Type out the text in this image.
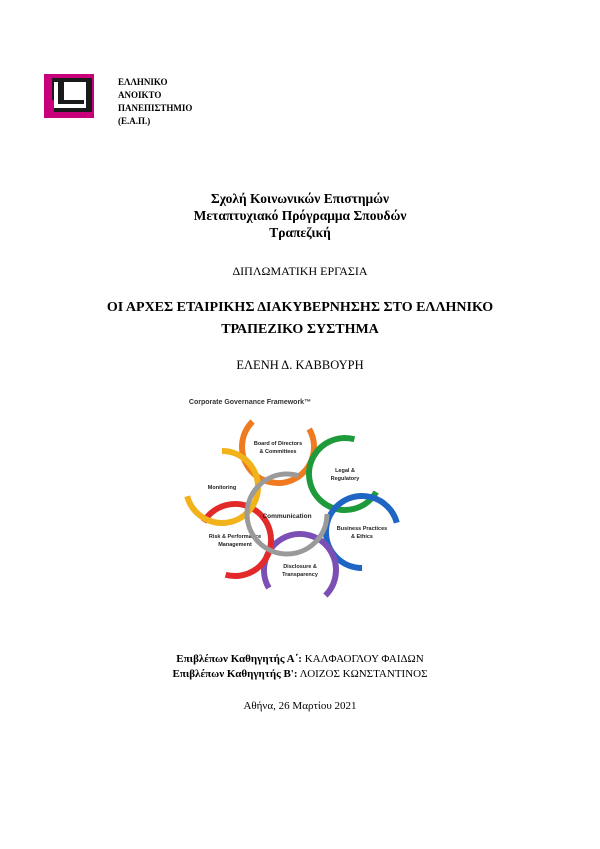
ΕΛΛΗΝΙΚΟ
ΑΝΟΙΚΤΟ
ΠΑΝΕΠΙΣΤΗΜΙΟ
(Ε.Α.Π.)
Σχολή Κοινωνικών Επιστημών
Μεταπτυχιακό Πρόγραμμα Σπουδών
Τραπεζική
ΔΙΠΛΩΜΑΤΙΚΗ ΕΡΓΑΣΙΑ
ΟΙ ΑΡΧΕΣ ΕΤΑΙΡΙΚΗΣ ΔΙΑΚΥΒΕΡΝΗΣΗΣ ΣΤΟ ΕΛΛΗΝΙΚΟ
ΤΡΑΠΕΖΙΚΟ ΣΥΣΤΗΜΑ
ΕΛΕΝΗ Δ. ΚΑΒΒΟΥΡΗ
Corporate Governance Framework™
Board of Directors
& Committees
Legal &
Regulatory
Business Practices
& Ethics
Disclosure &
Transparency
Risk & Performance
Management
Monitoring
Communication
Επιβλέπων Καθηγητής Α΄: ΚΑΛΦΑΟΓΛΟΥ ΦΑΙΔΩΝ
Επιβλέπων Καθηγητής Β': ΛΟΙΖΟΣ ΚΩΝΣΤΑΝΤΙΝΟΣ
Αθήνα, 26 Μαρτίου 2021
